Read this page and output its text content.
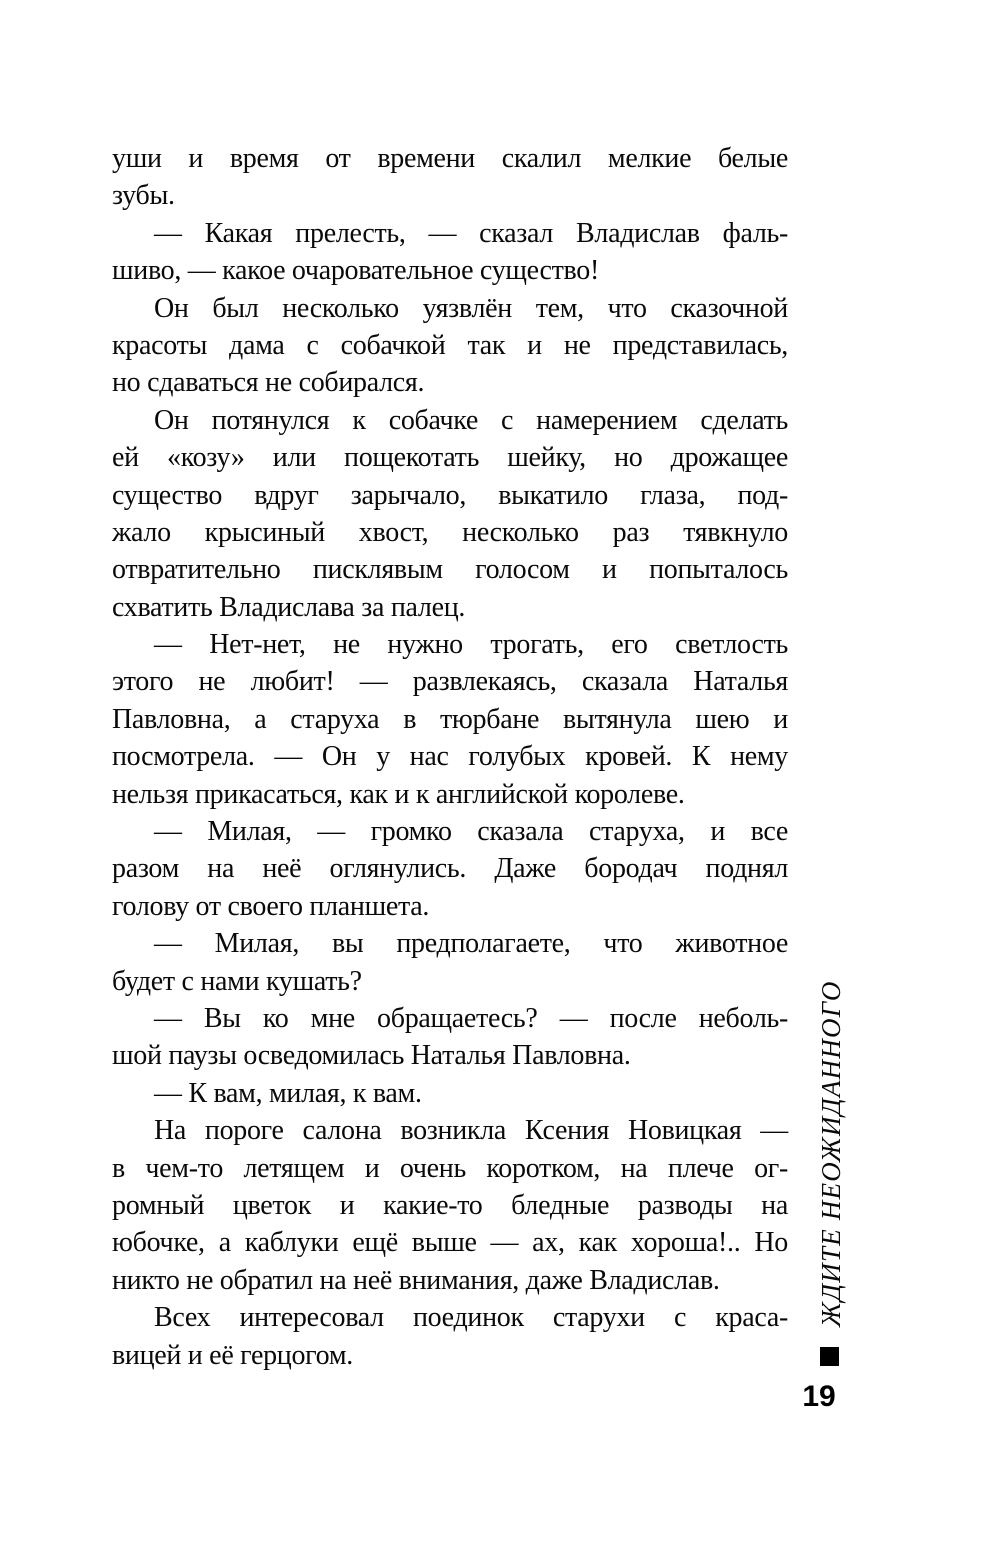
уши и время от времени скалил мелкие белые
зубы.
— Какая прелесть, — сказал Владислав фаль-
шиво, — какое очаровательное существо!
Он был несколько уязвлён тем, что сказочной
красоты дама с собачкой так и не представилась,
но сдаваться не собирался.
Он потянулся к собачке с намерением сделать
ей «козу» или пощекотать шейку, но дрожащее
существо вдруг зарычало, выкатило глаза, под-
жало крысиный хвост, несколько раз тявкнуло
отвратительно писклявым голосом и попыталось
схватить Владислава за палец.
— Нет-нет, не нужно трогать, его светлость
этого не любит! — развлекаясь, сказала Наталья
Павловна, а старуха в тюрбане вытянула шею и
посмотрела. — Он у нас голубых кровей. К нему
нельзя прикасаться, как и к английской королеве.
— Милая, — громко сказала старуха, и все
разом на неё оглянулись. Даже бородач поднял
голову от своего планшета.
— Милая, вы предполагаете, что животное
будет с нами кушать?
— Вы ко мне обращаетесь? — после неболь-
шой паузы осведомилась Наталья Павловна.
— К вам, милая, к вам.
На пороге салона возникла Ксения Новицкая —
в чем-то летящем и очень коротком, на плече ог-
ромный цветок и какие-то бледные разводы на
юбочке, а каблуки ещё выше — ах, как хороша!.. Но
никто не обратил на неё внимания, даже Владислав.
Всех интересовал поединок старухи с краса-
вицей и её герцогом.
ЖДИТЕ НЕОЖИДАННОГО
19
